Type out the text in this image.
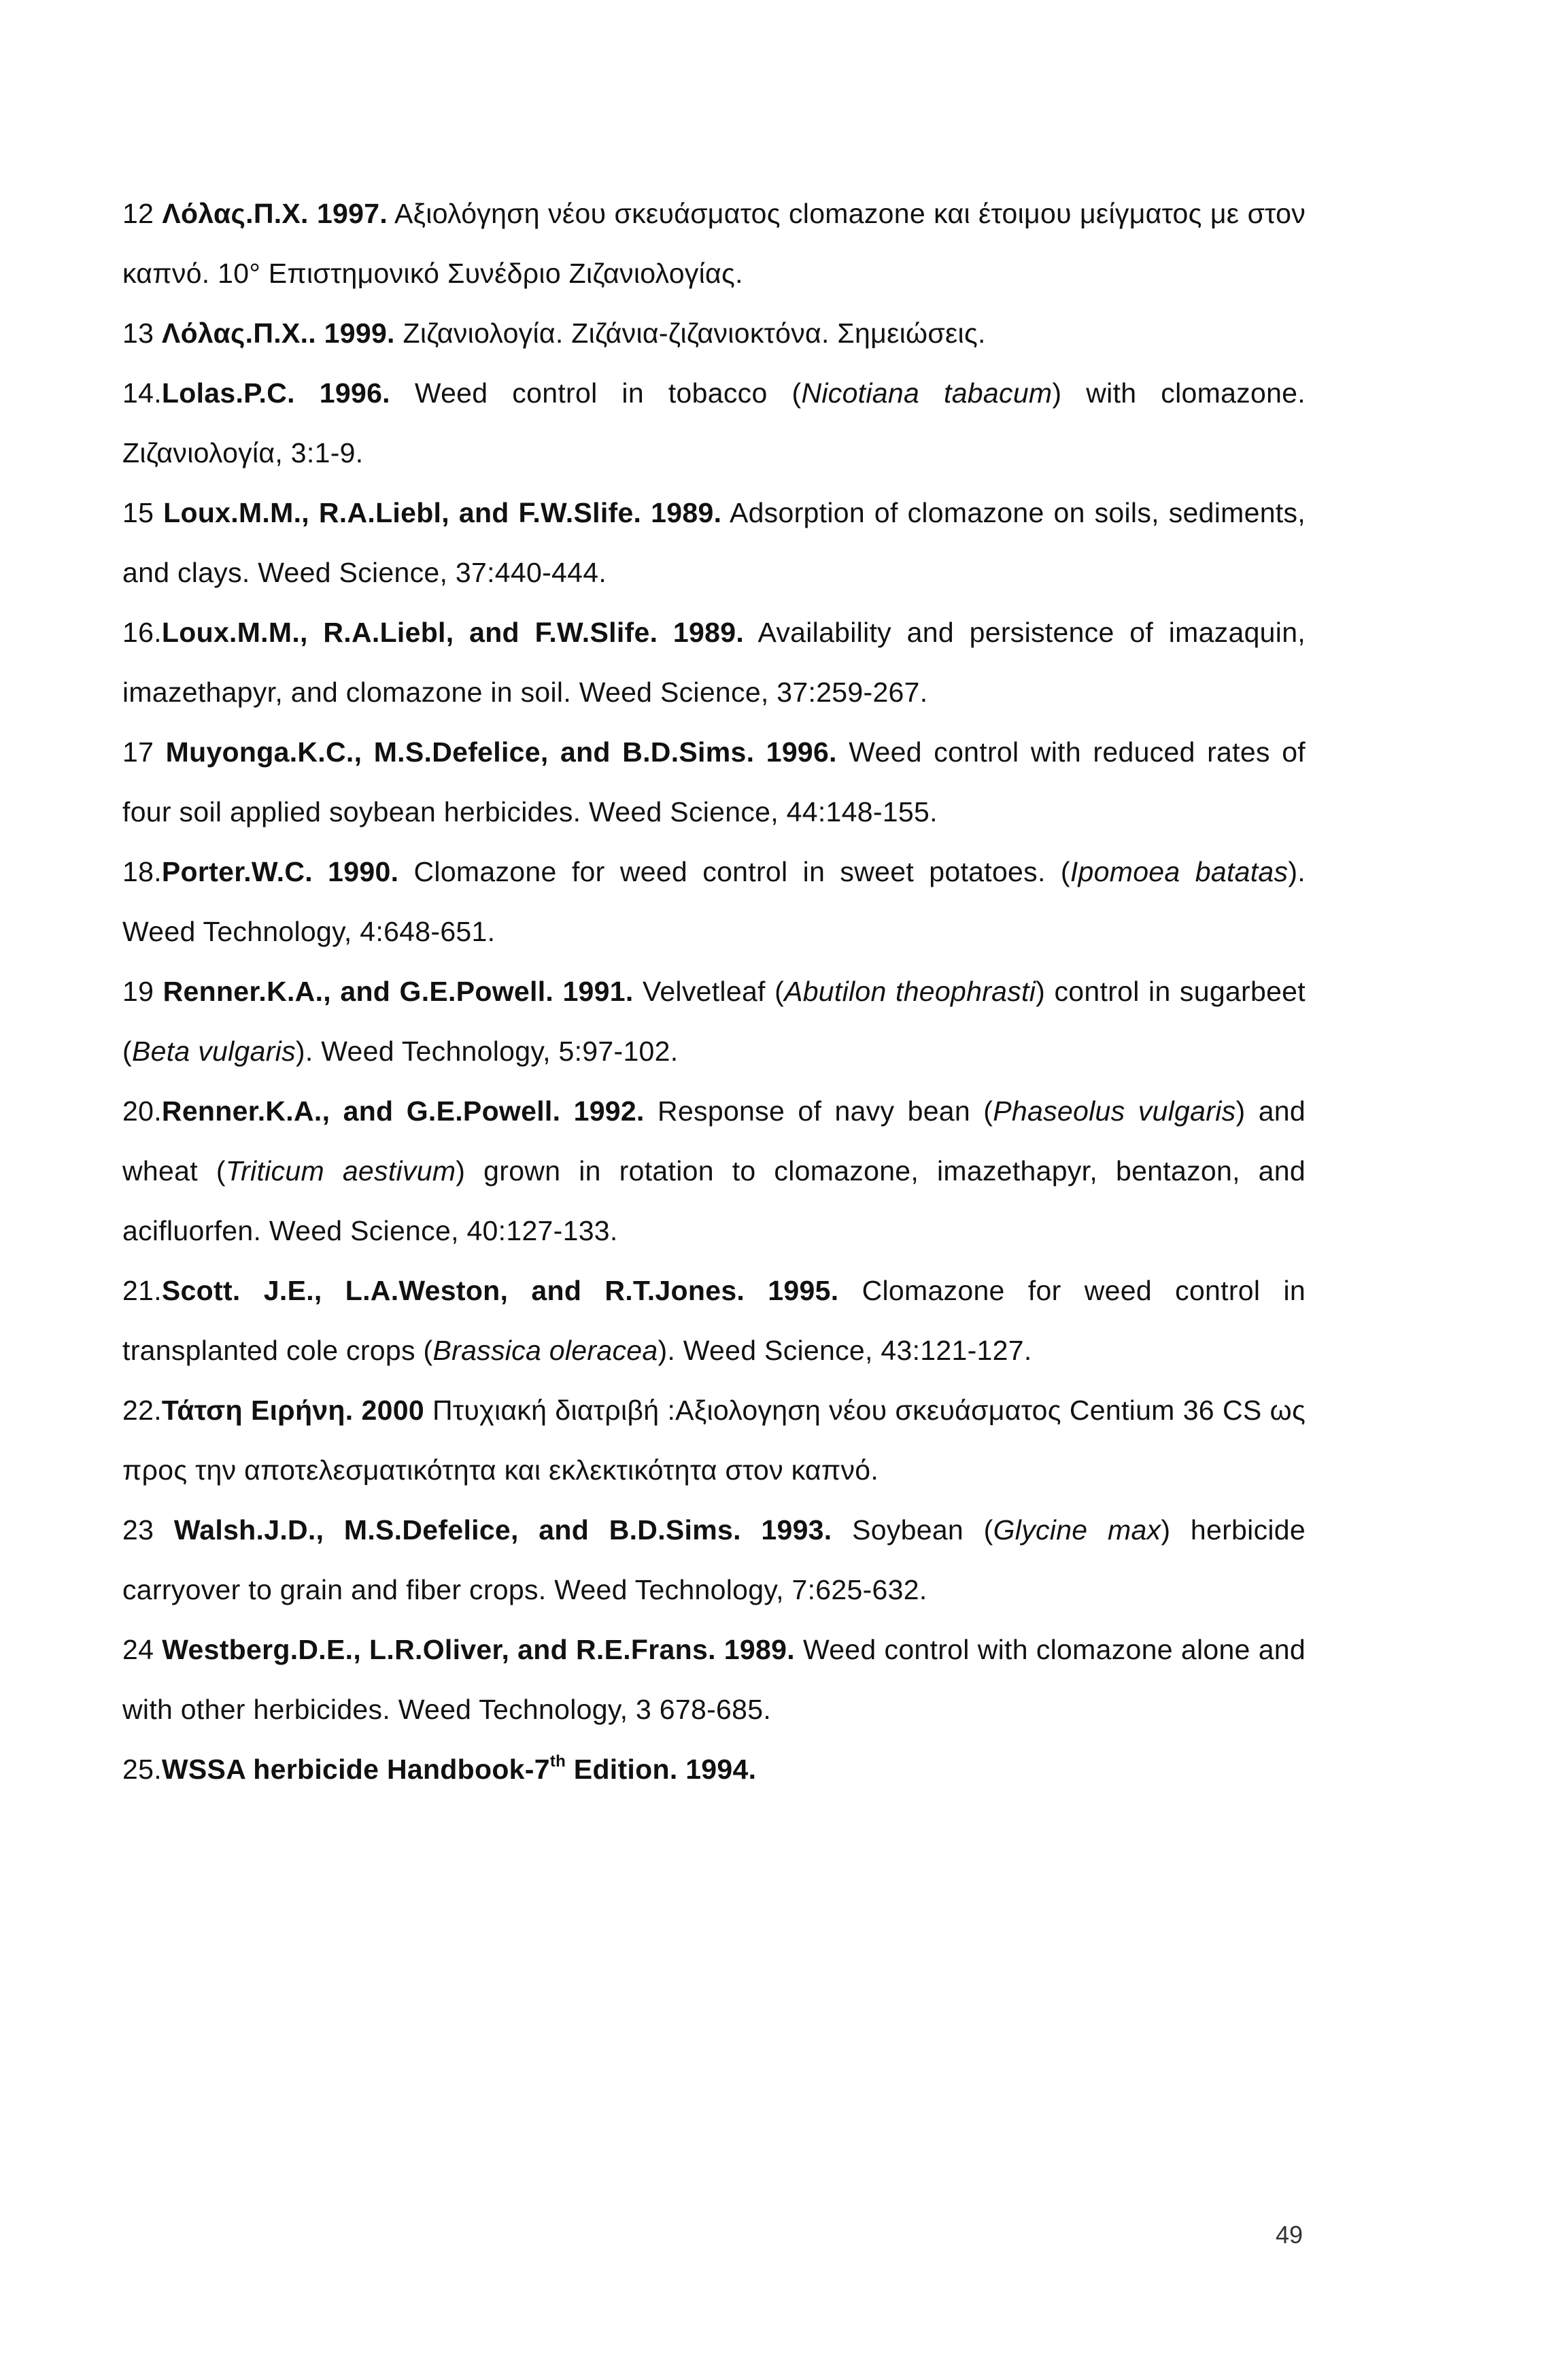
12 Λόλας.Π.Χ. 1997. Αξιολόγηση νέου σκευάσματος clomazone και έτοιμου μείγματος με στον καπνό. 10° Επιστημονικό Συνέδριο Ζιζανιολογίας.
13 Λόλας.Π.Χ.. 1999. Ζιζανιολογία. Ζιζάνια-ζιζανιοκτόνα. Σημειώσεις.
14.Lolas.P.C. 1996. Weed control in tobacco (Nicotiana tabacum) with clomazone. Ζιζανιολογία, 3:1-9.
15 Loux.M.M., R.A.Liebl, and F.W.Slife. 1989. Adsorption of clomazone on soils, sediments, and clays. Weed Science, 37:440-444.
16.Loux.M.M., R.A.Liebl, and F.W.Slife. 1989. Availability and persistence of imazaquin, imazethapyr, and clomazone in soil. Weed Science, 37:259-267.
17 Muyonga.K.C., M.S.Defelice, and B.D.Sims. 1996. Weed control with reduced rates of four soil applied soybean herbicides. Weed Science, 44:148-155.
18.Porter.W.C. 1990. Clomazone for weed control in sweet potatoes. (Ipomoea batatas). Weed Technology, 4:648-651.
19 Renner.K.A., and G.E.Powell. 1991. Velvetleaf (Abutilon theophrasti) control in sugarbeet (Beta vulgaris). Weed Technology, 5:97-102.
20.Renner.K.A., and G.E.Powell. 1992. Response of navy bean (Phaseolus vulgaris) and wheat (Triticum aestivum) grown in rotation to clomazone, imazethapyr, bentazon, and acifluorfen. Weed Science, 40:127-133.
21.Scott. J.E., L.A.Weston, and R.T.Jones. 1995. Clomazone for weed control in transplanted cole crops (Brassica oleracea). Weed Science, 43:121-127.
22.Τάτση Ειρήνη. 2000 Πτυχιακή διατριβή :Αξιολογηση νέου σκευάσματος Centium 36 CS ως προς την αποτελεσματικότητα και εκλεκτικότητα στον καπνό.
23 Walsh.J.D., M.S.Defelice, and B.D.Sims. 1993. Soybean (Glycine max) herbicide carryover to grain and fiber crops. Weed Technology, 7:625-632.
24 Westberg.D.E., L.R.Oliver, and R.E.Frans. 1989. Weed control with clomazone alone and with other herbicides. Weed Technology, 3 678-685.
25.WSSA herbicide Handbook-7th Edition. 1994.
49
